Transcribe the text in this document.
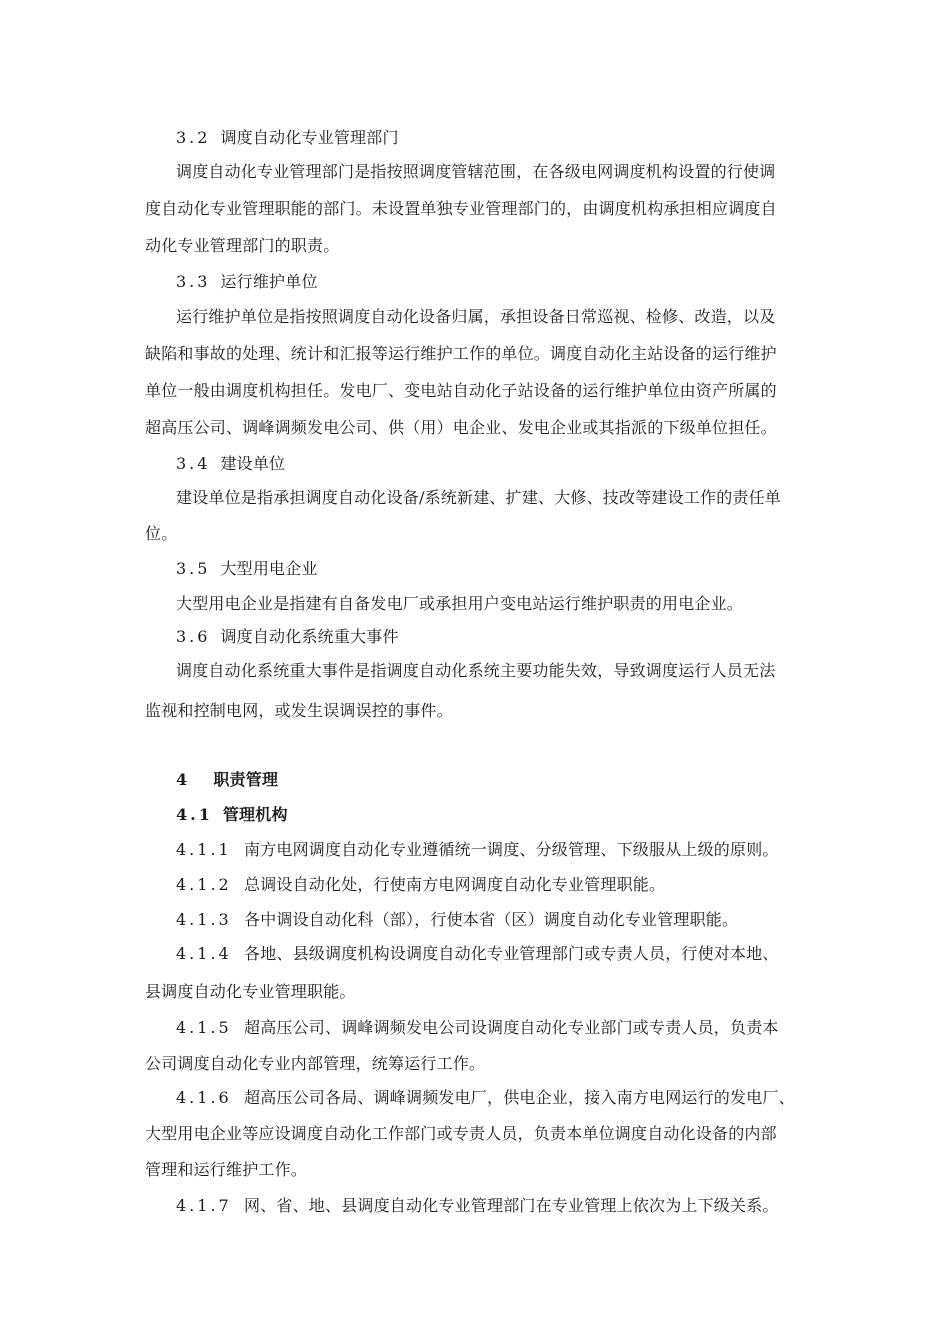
3.2 调度自动化专业管理部门
调度自动化专业管理部门是指按照调度管辖范围，在各级电网调度机构设置的行使调
度自动化专业管理职能的部门。未设置单独专业管理部门的，由调度机构承担相应调度自
动化专业管理部门的职责。
3.3 运行维护单位
运行维护单位是指按照调度自动化设备归属，承担设备日常巡视、检修、改造，以及
缺陷和事故的处理、统计和汇报等运行维护工作的单位。调度自动化主站设备的运行维护
单位一般由调度机构担任。发电厂、变电站自动化子站设备的运行维护单位由资产所属的
超高压公司、调峰调频发电公司、供（用）电企业、发电企业或其指派的下级单位担任。
3.4 建设单位
建设单位是指承担调度自动化设备/系统新建、扩建、大修、技改等建设工作的责任单
位。
3.5 大型用电企业
大型用电企业是指建有自备发电厂或承担用户变电站运行维护职责的用电企业。
3.6 调度自动化系统重大事件
调度自动化系统重大事件是指调度自动化系统主要功能失效，导致调度运行人员无法
监视和控制电网，或发生误调误控的事件。
4 职责管理
4.1 管理机构
4.1.1 南方电网调度自动化专业遵循统一调度、分级管理、下级服从上级的原则。
4.1.2 总调设自动化处，行使南方电网调度自动化专业管理职能。
4.1.3 各中调设自动化科（部），行使本省（区）调度自动化专业管理职能。
4.1.4 各地、县级调度机构设调度自动化专业管理部门或专责人员，行使对本地、
县调度自动化专业管理职能。
4.1.5 超高压公司、调峰调频发电公司设调度自动化专业部门或专责人员，负责本
公司调度自动化专业内部管理，统筹运行工作。
4.1.6 超高压公司各局、调峰调频发电厂，供电企业，接入南方电网运行的发电厂、
大型用电企业等应设调度自动化工作部门或专责人员，负责本单位调度自动化设备的内部
管理和运行维护工作。
4.1.7 网、省、地、县调度自动化专业管理部门在专业管理上依次为上下级关系。
